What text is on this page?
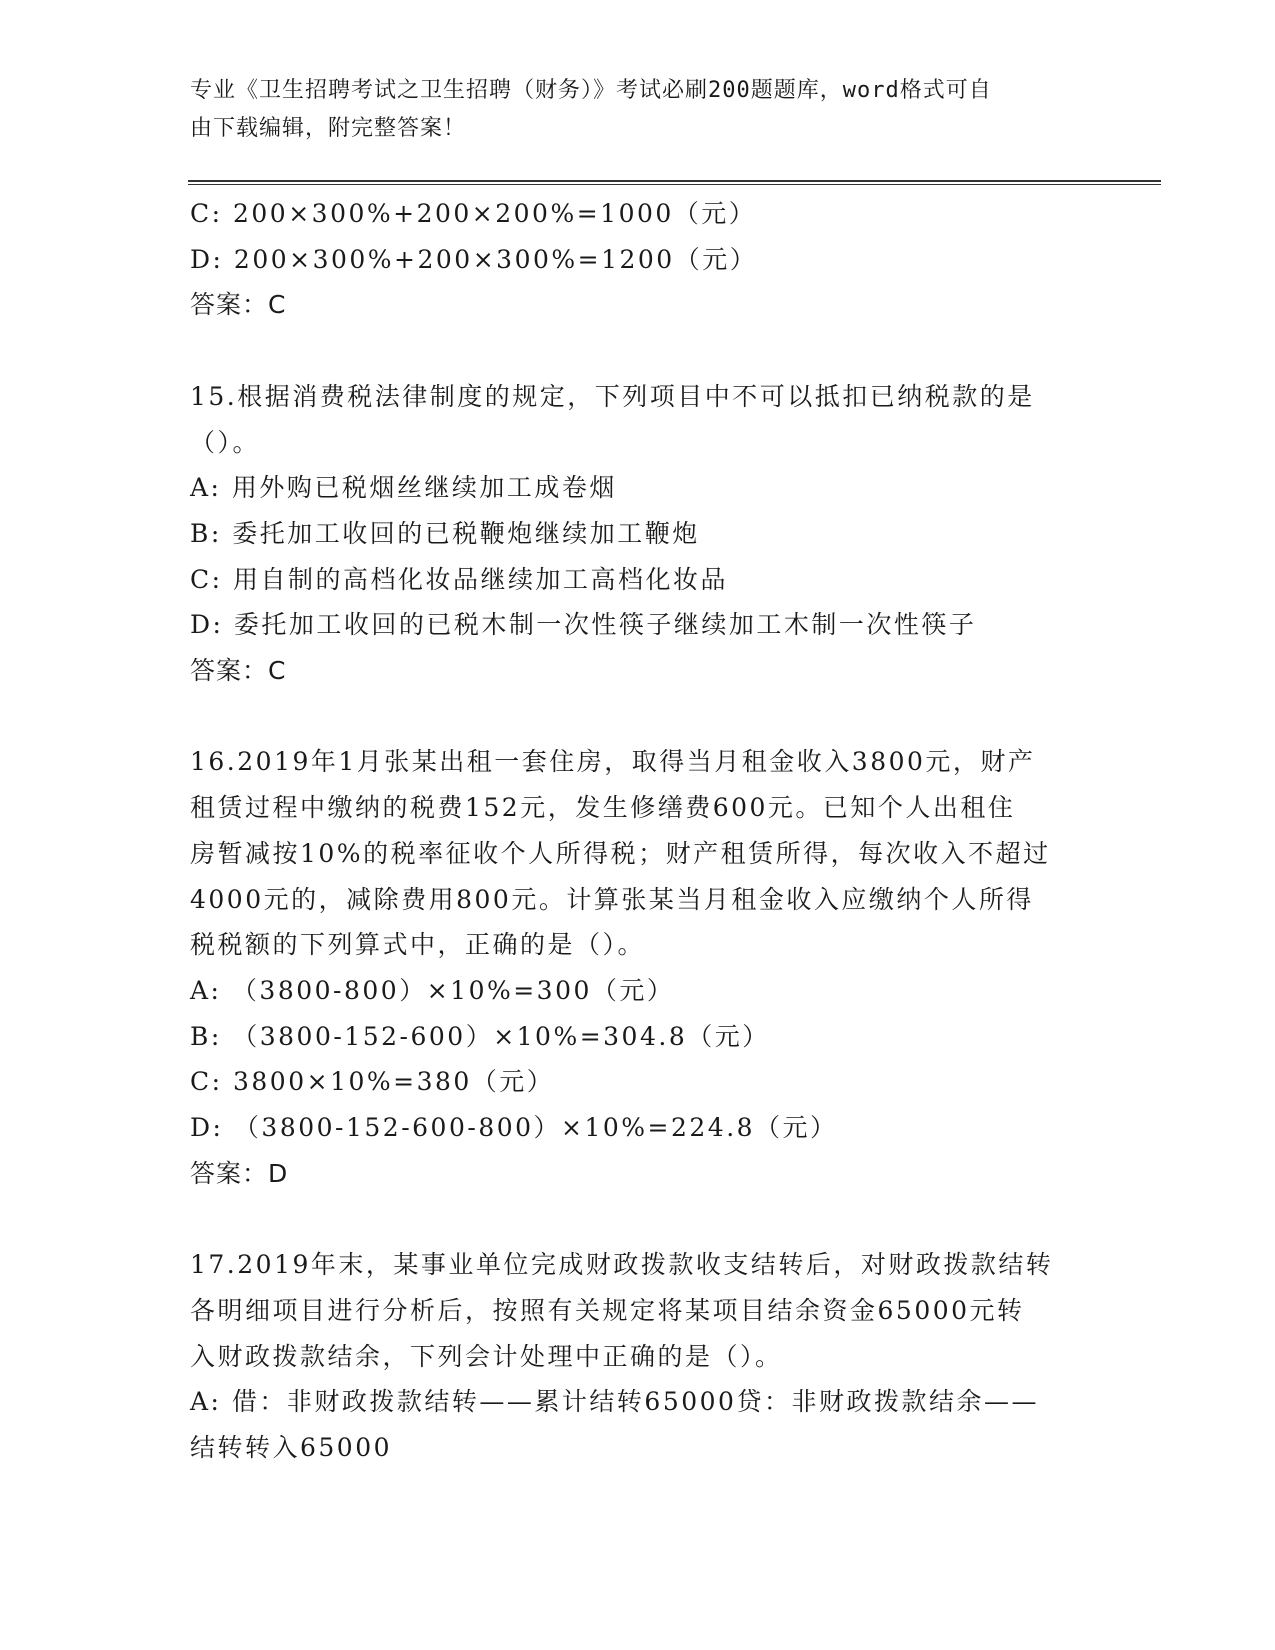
专业《卫生招聘考试之卫生招聘（财务）》考试必刷200题题库，word格式可自
由下载编辑，附完整答案！

C: 200×300%+200×200%=1000（元）

D: 200×300%+200×300%=1200（元）

答案：C

15.根据消费税法律制度的规定，下列项目中不可以抵扣已纳税款的是

（）。

A: 用外购已税烟丝继续加工成卷烟

B: 委托加工收回的已税鞭炮继续加工鞭炮

C: 用自制的高档化妆品继续加工高档化妆品

D: 委托加工收回的已税木制一次性筷子继续加工木制一次性筷子

答案：C

16.2019年1月张某出租一套住房，取得当月租金收入3800元，财产

租赁过程中缴纳的税费152元，发生修缮费600元。已知个人出租住

房暂减按10%的税率征收个人所得税；财产租赁所得，每次收入不超过

4000元的，减除费用800元。计算张某当月租金收入应缴纳个人所得

税税额的下列算式中，正确的是（）。

A: （3800-800）×10%=300（元）

B: （3800-152-600）×10%=304.8（元）

C: 3800×10%=380（元）

D: （3800-152-600-800）×10%=224.8（元）

答案：D

17.2019年末，某事业单位完成财政拨款收支结转后，对财政拨款结转

各明细项目进行分析后，按照有关规定将某项目结余资金65000元转

入财政拨款结余，下列会计处理中正确的是（）。

A: 借：非财政拨款结转——累计结转65000贷：非财政拨款结余——

结转转入65000
